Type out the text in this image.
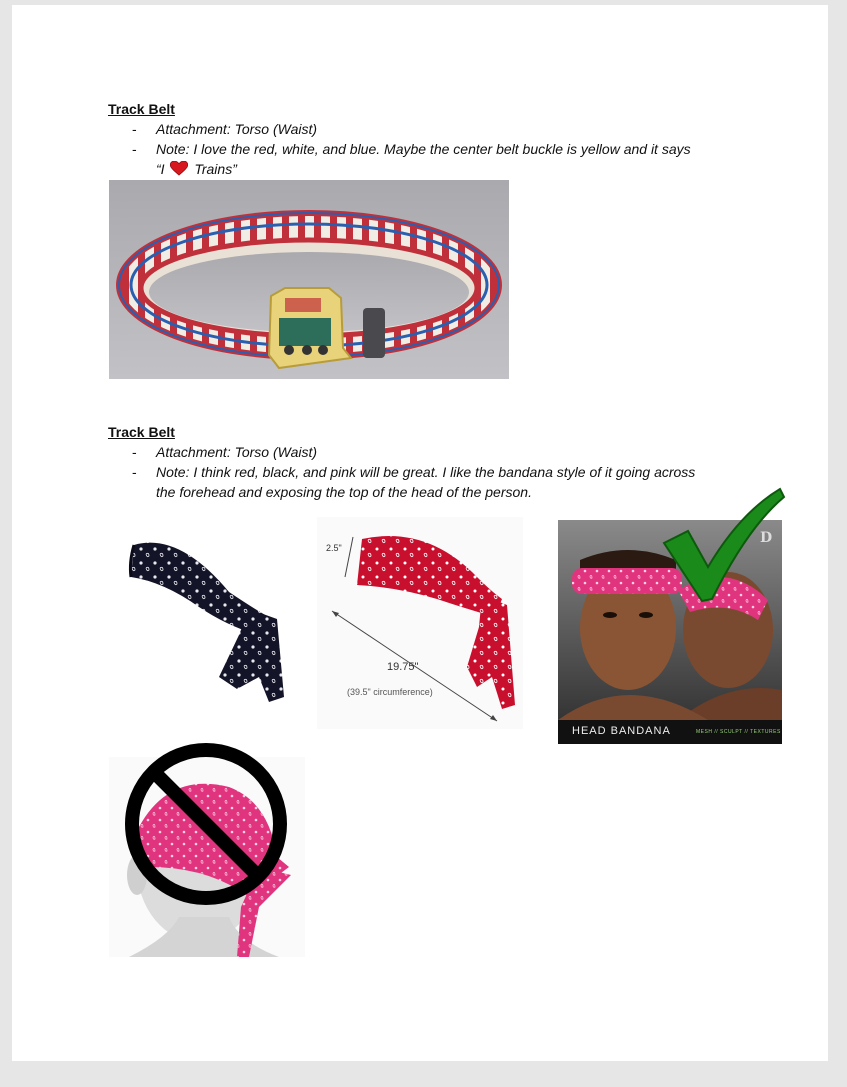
Track Belt
- Attachment: Torso (Waist)
- Note: I love the red, white, and blue. Maybe the center belt buckle is yellow and it says
“I Trains”
Track Belt
- Attachment: Torso (Waist)
- Note: I think red, black, and pink will be great. I like the bandana style of it going across
the forehead and exposing the top of the head of the person.
2.5"
19.75"
(39.5" circumference)
HEAD BANDANA	MESH // SCULPT // TEXTURES
D
